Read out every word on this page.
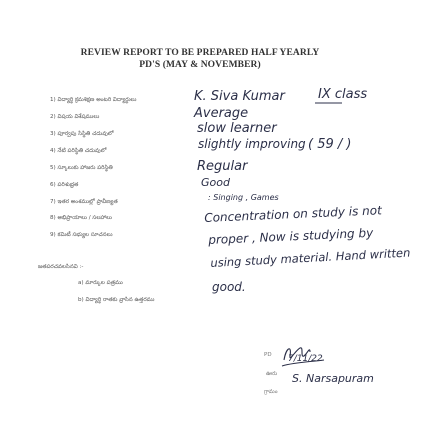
REVIEW REPORT TO BE PREPARED HALF YEARLY
PD'S (MAY & NOVEMBER)
1) విద్యార్థి క్రమశిక్షణ అంటరి విద్యార్థులు
2) విషయ విశేషములు
3) పూర్వపు సిస్థితి చదువులో
4) నేటి పరిస్థితి చదువులో
5) స్కూలుకు హాజరు పరిస్థితి
6) పరిశుభ్రత
7) ఇతర అంశముల్లో ప్రావీణ్యత
8) అభిప్రాయాలు / సలహాలు
9) కమిటీ సభ్యుల సూచనలు
జతపరచవలసినవి :-
a) మార్కుల పత్రము
b) విద్యార్థి రాతకు వ్రాసిన ఉత్తరము
K. Siva Kumar	IX class
Average
slow learner
slightly improving ( 59 / )
Regular
Good
: Singing , Games
Concentration on study is not
proper , Now is studying by
using study material. Hand written
good.
PD
ఊరు
గ్రామం
7/11/22
S. Narsapuram
